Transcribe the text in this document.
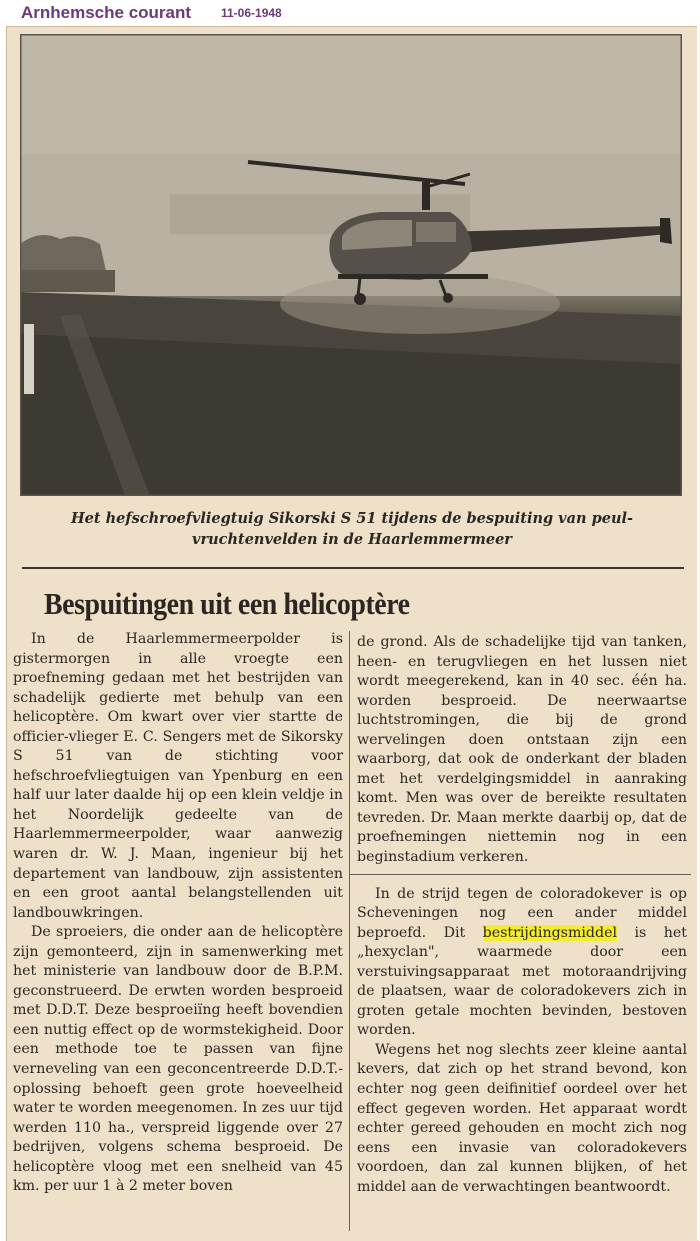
Arnhemsche courant 11-06-1948
Het hefschroefvliegtuig Sikorski S 51 tijdens de bespuiting van peul-
vruchtenvelden in de Haarlemmermeer
Bespuitingen uit een helicoptère

In de Haarlemmermeerpolder is gistermorgen in alle vroegte een proefneming gedaan met het bestrijden van schadelijk gedierte met behulp van een helicoptère. Om kwart over vier startte de officier-vlieger E. C. Sengers met de Sikorsky S 51 van de stichting voor hefschroefvliegtuigen van Ypenburg en een half uur later daalde hij op een klein veldje in het Noordelijk gedeelte van de Haarlemmermeerpolder, waar aanwezig waren dr. W. J. Maan, ingenieur bij het departement van landbouw, zijn assistenten en een groot aantal belangstellenden uit landbouwkringen.

De sproeiers, die onder aan de helicoptère zijn gemonteerd, zijn in samenwerking met het ministerie van landbouw door de B.P.M. geconstrueerd. De erwten worden besproeid met D.D.T. Deze besproeiïng heeft bovendien een nuttig effect op de wormstekigheid. Door een methode toe te passen van fijne verneveling van een geconcentreerde D.D.T.-oplossing behoeft geen grote hoeveelheid water te worden meegenomen. In zes uur tijd werden 110 ha., verspreid liggende over 27 bedrijven, volgens schema besproeid. De helicoptère vloog met een snelheid van 45 km. per uur 1 à 2 meter boven

de grond. Als de schadelijke tijd van tanken, heen- en terugvliegen en het lussen niet wordt meegerekend, kan in 40 sec. één ha. worden besproeid. De neerwaartse luchtstromingen, die bij de grond wervelingen doen ontstaan zijn een waarborg, dat ook de onderkant der bladen met het verdelgingsmiddel in aanraking komt. Men was over de bereikte resultaten tevreden. Dr. Maan merkte daarbij op, dat de proefnemingen niettemin nog in een beginstadium verkeren.

In de strijd tegen de coloradokever is op Scheveningen nog een ander middel beproefd. Dit bestrijdingsmiddel is het „hexyclan", waarmede door een verstuivingsapparaat met motoraandrijving de plaatsen, waar de coloradokevers zich in groten getale mochten bevinden, bestoven worden.

Wegens het nog slechts zeer kleine aantal kevers, dat zich op het strand bevond, kon echter nog geen deifinitief oordeel over het effect gegeven worden. Het apparaat wordt echter gereed gehouden en mocht zich nog eens een invasie van coloradokevers voordoen, dan zal kunnen blijken, of het middel aan de verwachtingen beantwoordt.
